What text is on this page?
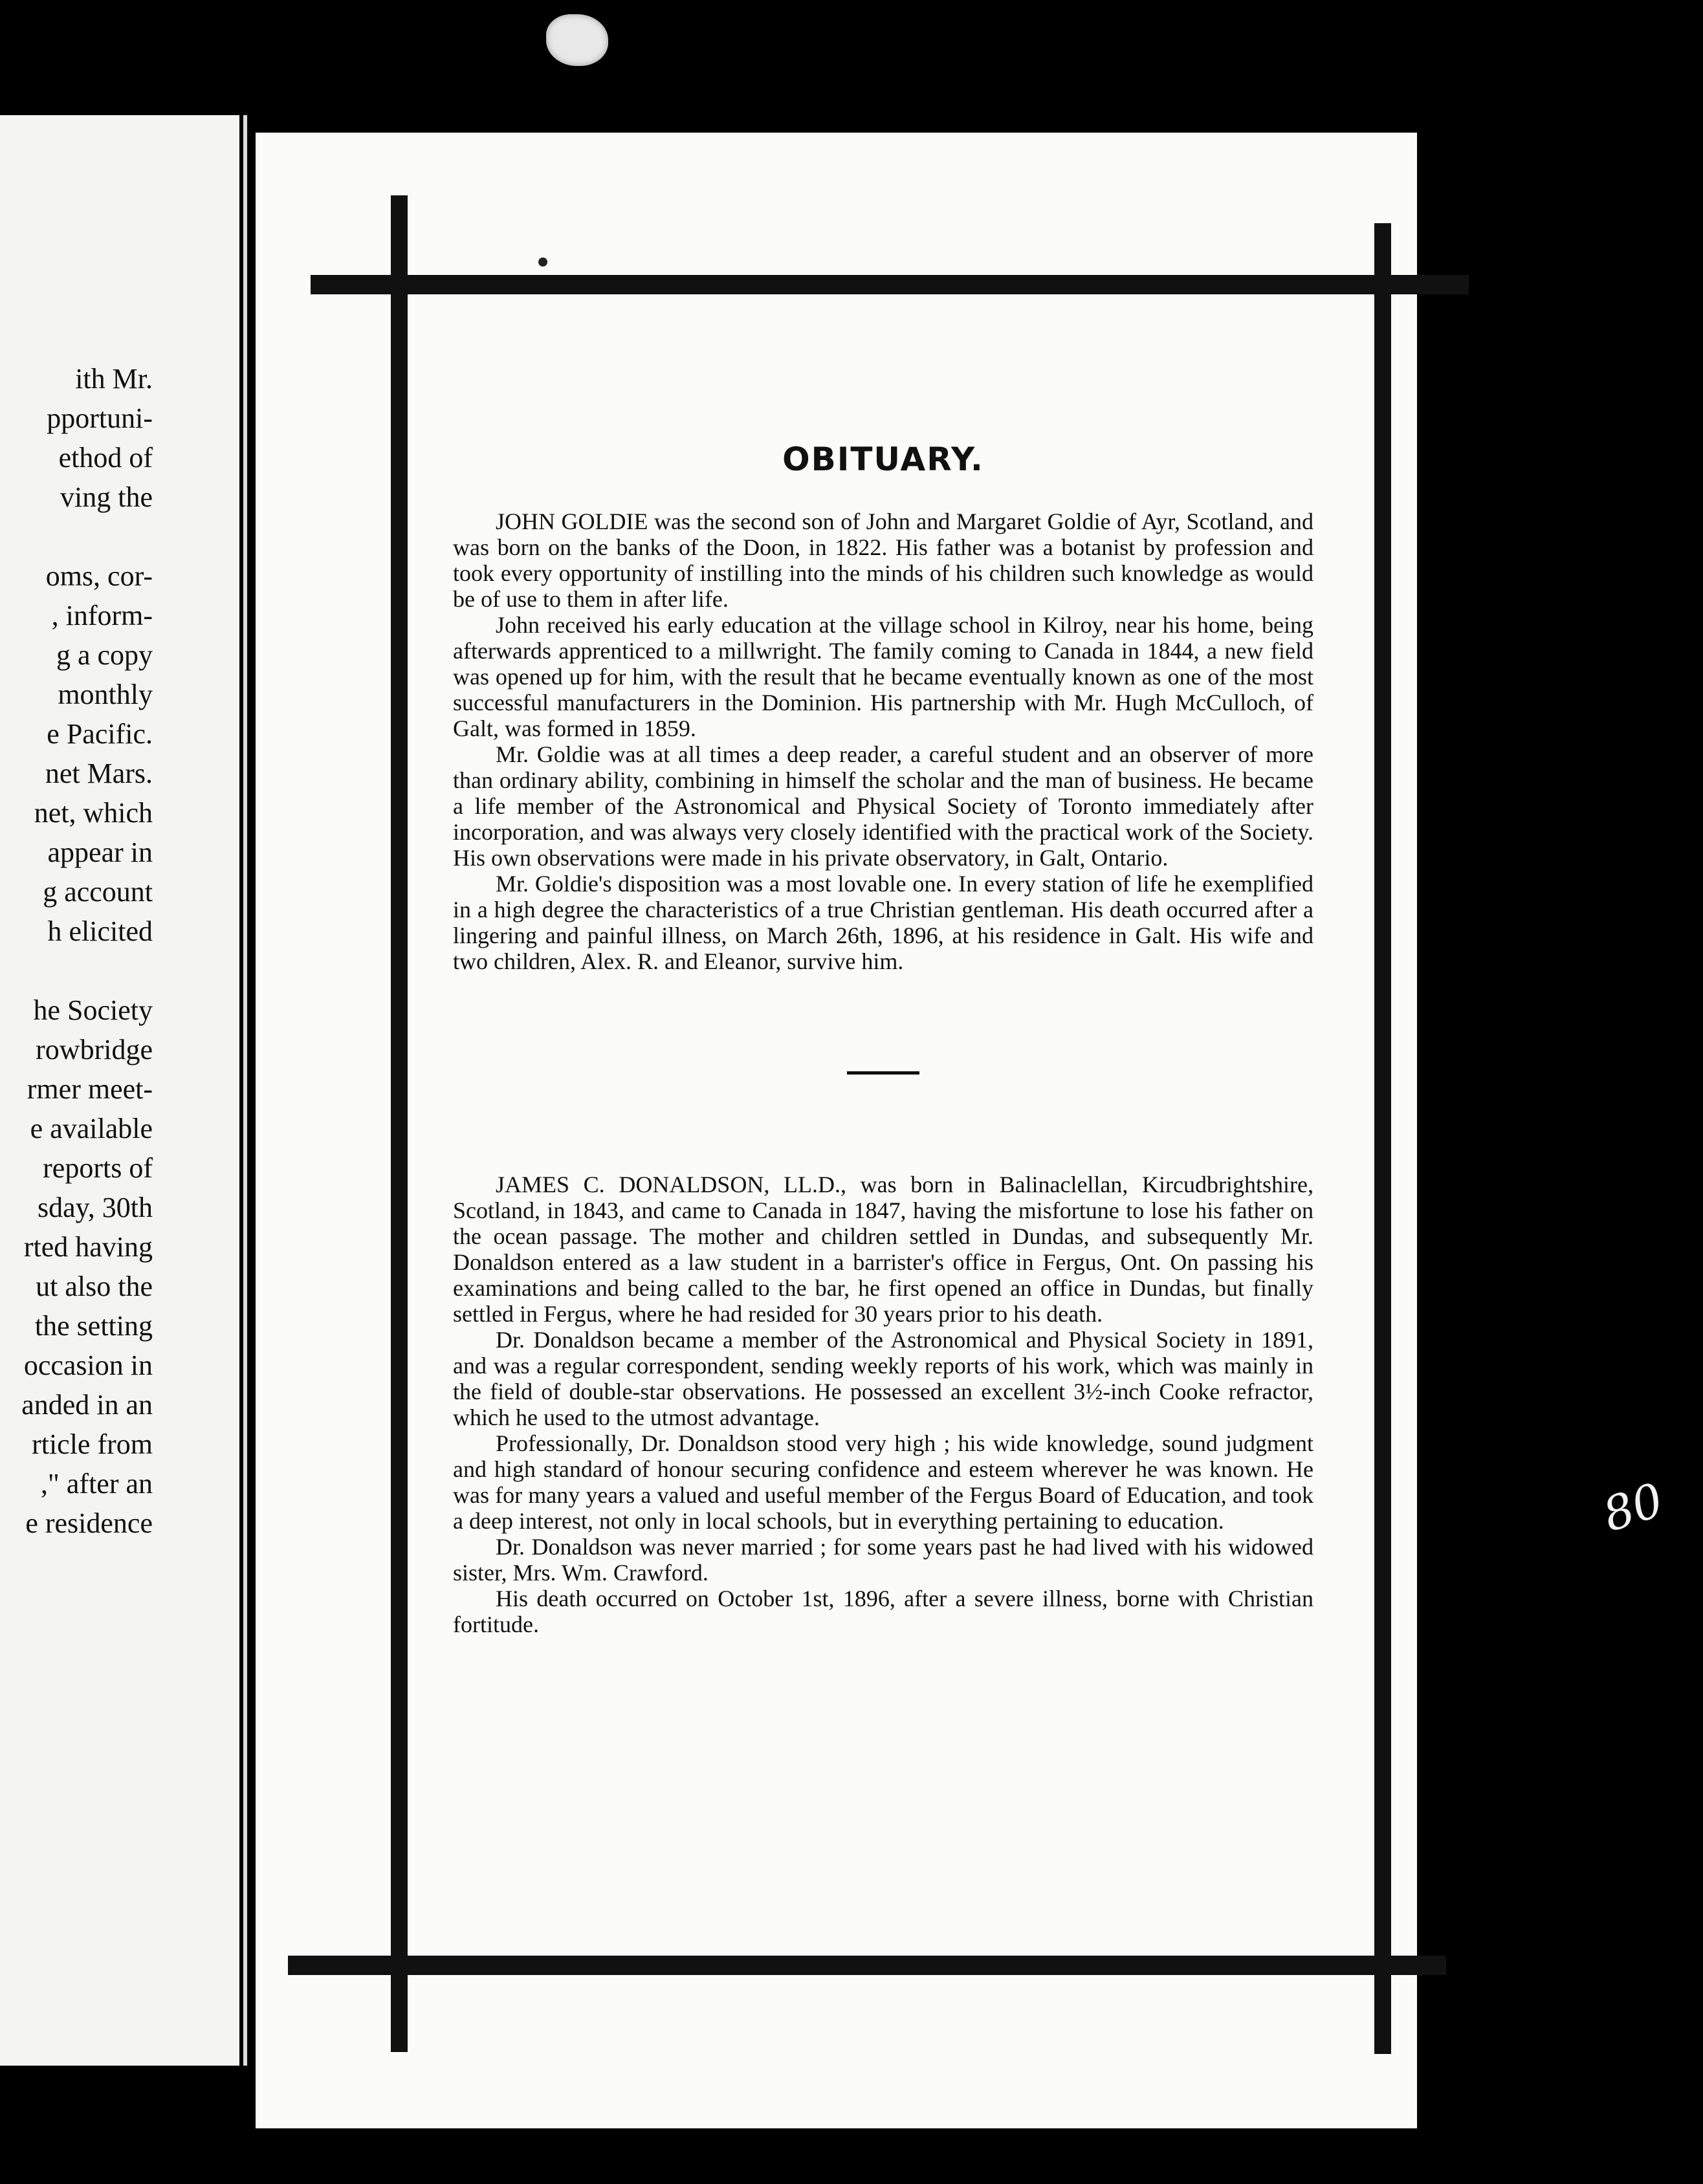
ith Mr.
pportuni-
ethod of
ving the
oms, cor-
, inform-
g a copy
monthly
e Pacific.
net Mars.
net, which
appear in
g account
h elicited
he Society
rowbridge
rmer meet-
e available
reports of
sday, 30th
rted having
ut also the
the setting
occasion in
anded in an
rticle from
," after an
e residence	80
OBITUARY.

JOHN GOLDIE was the second son of John and Margaret Goldie of Ayr, Scotland, and was born on the banks of the Doon, in 1822. His father was a botanist by profession and took every opportunity of instilling into the minds of his children such knowledge as would be of use to them in after life.

John received his early education at the village school in Kilroy, near his home, being afterwards apprenticed to a millwright. The family coming to Canada in 1844, a new field was opened up for him, with the result that he became eventually known as one of the most successful manufacturers in the Dominion. His partnership with Mr. Hugh McCulloch, of Galt, was formed in 1859.

Mr. Goldie was at all times a deep reader, a careful student and an observer of more than ordinary ability, combining in himself the scholar and the man of business. He became a life member of the Astronomical and Physical Society of Toronto immediately after incorporation, and was always very closely identified with the practical work of the Society. His own observations were made in his private observatory, in Galt, Ontario.

Mr. Goldie's disposition was a most lovable one. In every station of life he exemplified in a high degree the characteristics of a true Christian gentleman. His death occurred after a lingering and painful illness, on March 26th, 1896, at his residence in Galt. His wife and two children, Alex. R. and Eleanor, survive him.

JAMES C. DONALDSON, LL.D., was born in Balinaclellan, Kircudbrightshire, Scotland, in 1843, and came to Canada in 1847, having the misfortune to lose his father on the ocean passage. The mother and children settled in Dundas, and subsequently Mr. Donaldson entered as a law student in a barrister's office in Fergus, Ont. On passing his examinations and being called to the bar, he first opened an office in Dundas, but finally settled in Fergus, where he had resided for 30 years prior to his death.

Dr. Donaldson became a member of the Astronomical and Physical Society in 1891, and was a regular correspondent, sending weekly reports of his work, which was mainly in the field of double-star observations. He possessed an excellent 3½-inch Cooke refractor, which he used to the utmost advantage.

Professionally, Dr. Donaldson stood very high ; his wide knowledge, sound judgment and high standard of honour securing confidence and esteem wherever he was known. He was for many years a valued and useful member of the Fergus Board of Education, and took a deep interest, not only in local schools, but in everything pertaining to education.

Dr. Donaldson was never married ; for some years past he had lived with his widowed sister, Mrs. Wm. Crawford.

His death occurred on October 1st, 1896, after a severe illness, borne with Christian fortitude.
